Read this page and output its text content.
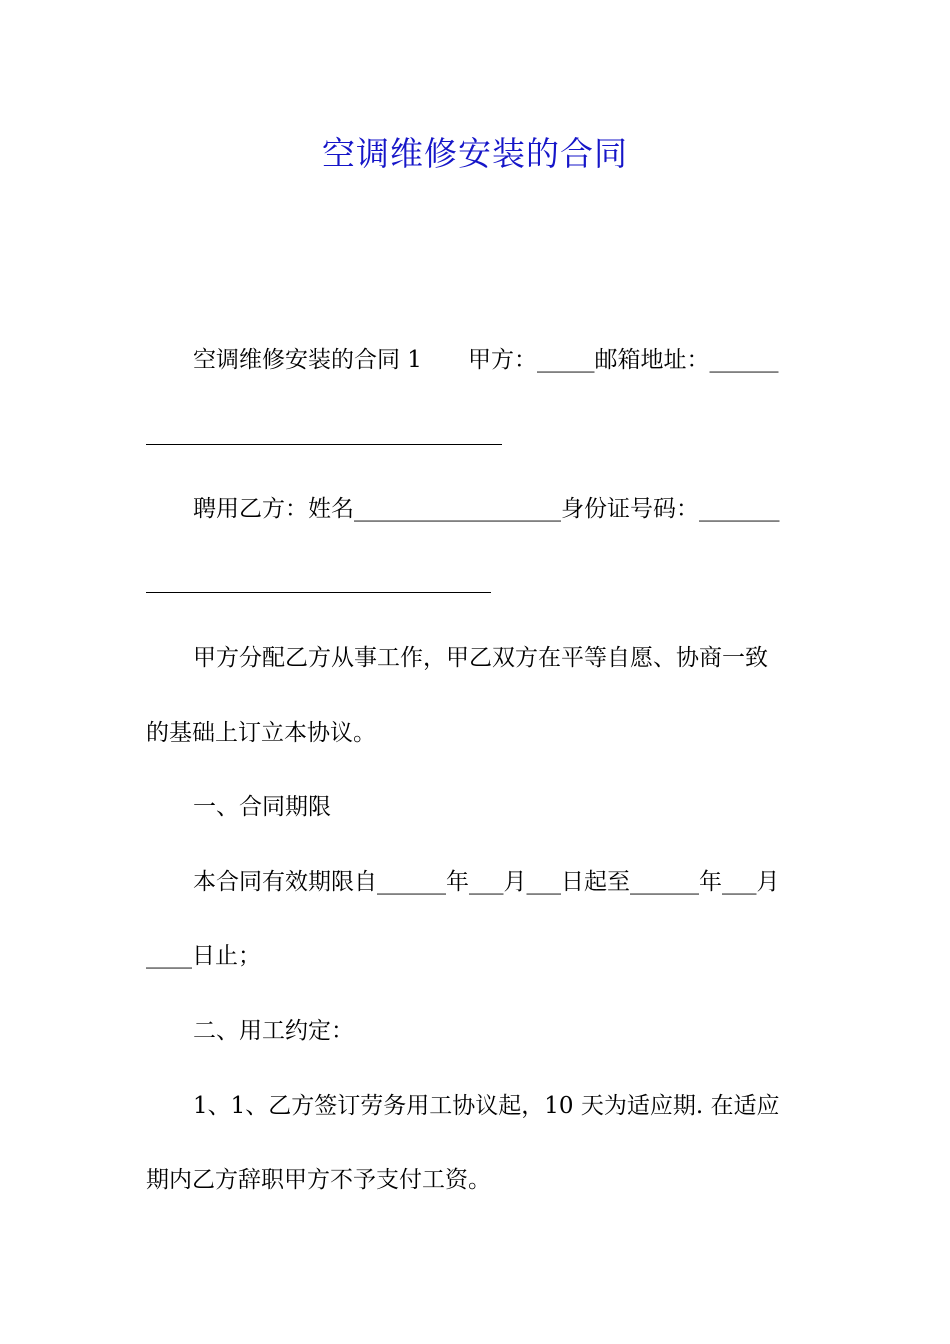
空调维修安装的合同
空调维修安装的合同 1　　甲方：_____邮箱地址：______
聘用乙方：姓名__________________身份证号码：_______
甲方分配乙方从事工作，甲乙双方在平等自愿、协商一致
的基础上订立本协议。
一、合同期限
本合同有效期限自______年___月___日起至______年___月
____日止；
二、用工约定：
1、1、乙方签订劳务用工协议起，10 天为适应期. 在适应
期内乙方辞职甲方不予支付工资。
